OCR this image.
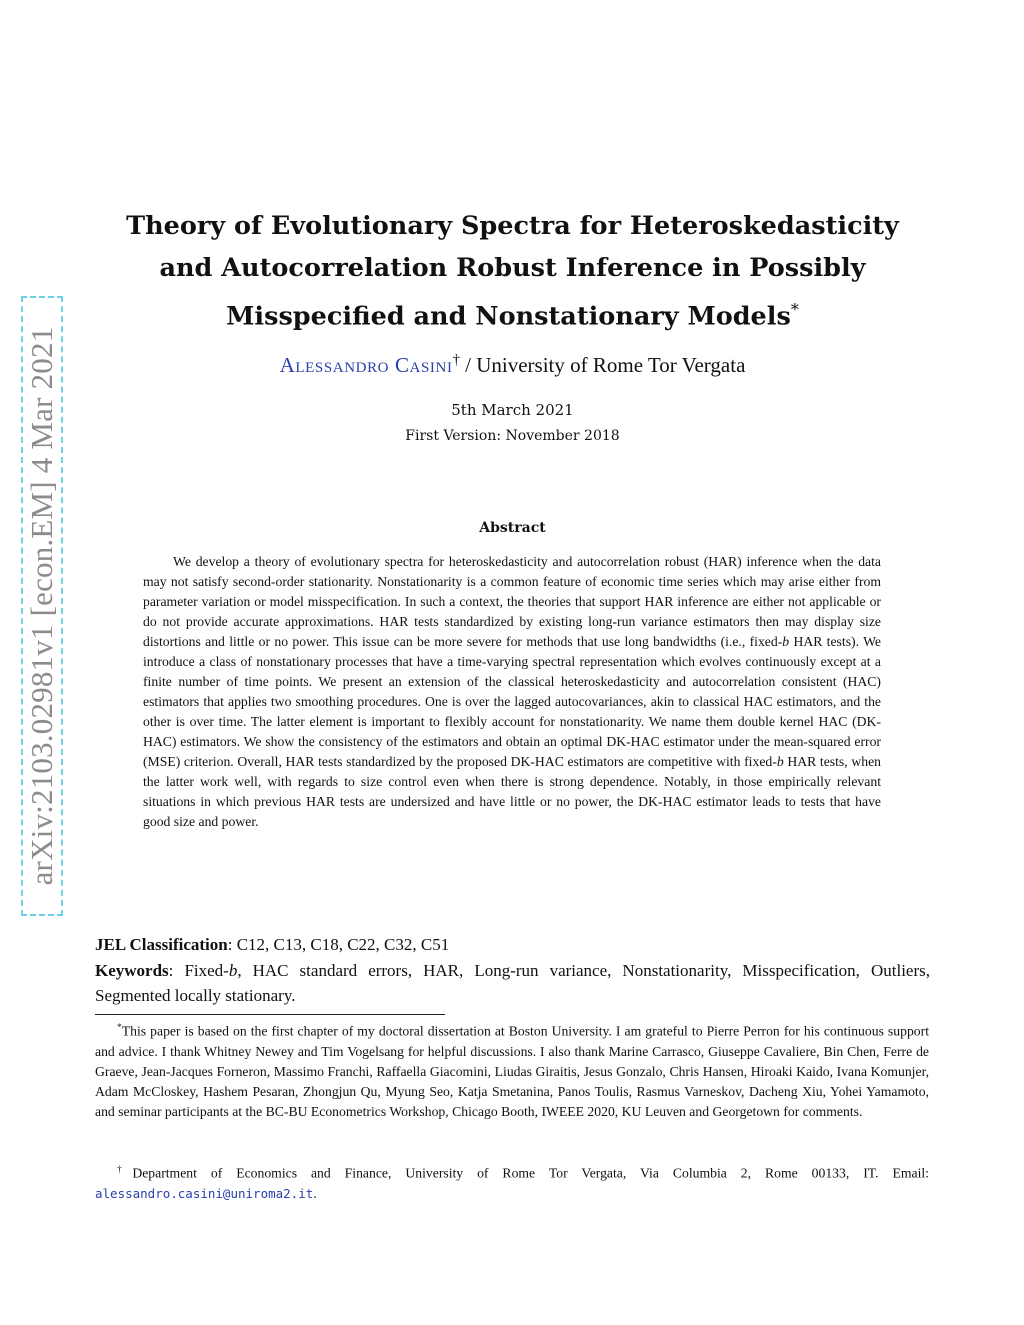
arXiv:2103.02981v1 [econ.EM] 4 Mar 2021
Theory of Evolutionary Spectra for Heteroskedasticity and Autocorrelation Robust Inference in Possibly Misspecified and Nonstationary Models*
Alessandro Casini† / University of Rome Tor Vergata
5th March 2021
First Version: November 2018
Abstract
We develop a theory of evolutionary spectra for heteroskedasticity and autocorrelation robust (HAR) inference when the data may not satisfy second-order stationarity. Nonstationarity is a common feature of economic time series which may arise either from parameter variation or model misspecification. In such a context, the theories that support HAR inference are either not applicable or do not provide accurate approximations. HAR tests standardized by existing long-run variance estimators then may display size distortions and little or no power. This issue can be more severe for methods that use long bandwidths (i.e., fixed-b HAR tests). We introduce a class of nonstationary processes that have a time-varying spectral representation which evolves continuously except at a finite number of time points. We present an extension of the classical heteroskedasticity and autocorrelation consistent (HAC) estimators that applies two smoothing procedures. One is over the lagged autocovariances, akin to classical HAC estimators, and the other is over time. The latter element is important to flexibly account for nonstationarity. We name them double kernel HAC (DK-HAC) estimators. We show the consistency of the estimators and obtain an optimal DK-HAC estimator under the mean-squared error (MSE) criterion. Overall, HAR tests standardized by the proposed DK-HAC estimators are competitive with fixed-b HAR tests, when the latter work well, with regards to size control even when there is strong dependence. Notably, in those empirically relevant situations in which previous HAR tests are undersized and have little or no power, the DK-HAC estimator leads to tests that have good size and power.
JEL Classification: C12, C13, C18, C22, C32, C51
Keywords: Fixed-b, HAC standard errors, HAR, Long-run variance, Nonstationarity, Misspecification, Outliers, Segmented locally stationary.
*This paper is based on the first chapter of my doctoral dissertation at Boston University. I am grateful to Pierre Perron for his continuous support and advice. I thank Whitney Newey and Tim Vogelsang for helpful discussions. I also thank Marine Carrasco, Giuseppe Cavaliere, Bin Chen, Ferre de Graeve, Jean-Jacques Forneron, Massimo Franchi, Raffaella Giacomini, Liudas Giraitis, Jesus Gonzalo, Chris Hansen, Hiroaki Kaido, Ivana Komunjer, Adam McCloskey, Hashem Pesaran, Zhongjun Qu, Myung Seo, Katja Smetanina, Panos Toulis, Rasmus Varneskov, Dacheng Xiu, Yohei Yamamoto, and seminar participants at the BC-BU Econometrics Workshop, Chicago Booth, IWEEE 2020, KU Leuven and Georgetown for comments.
†Department of Economics and Finance, University of Rome Tor Vergata, Via Columbia 2, Rome 00133, IT. Email: alessandro.casini@uniroma2.it.
